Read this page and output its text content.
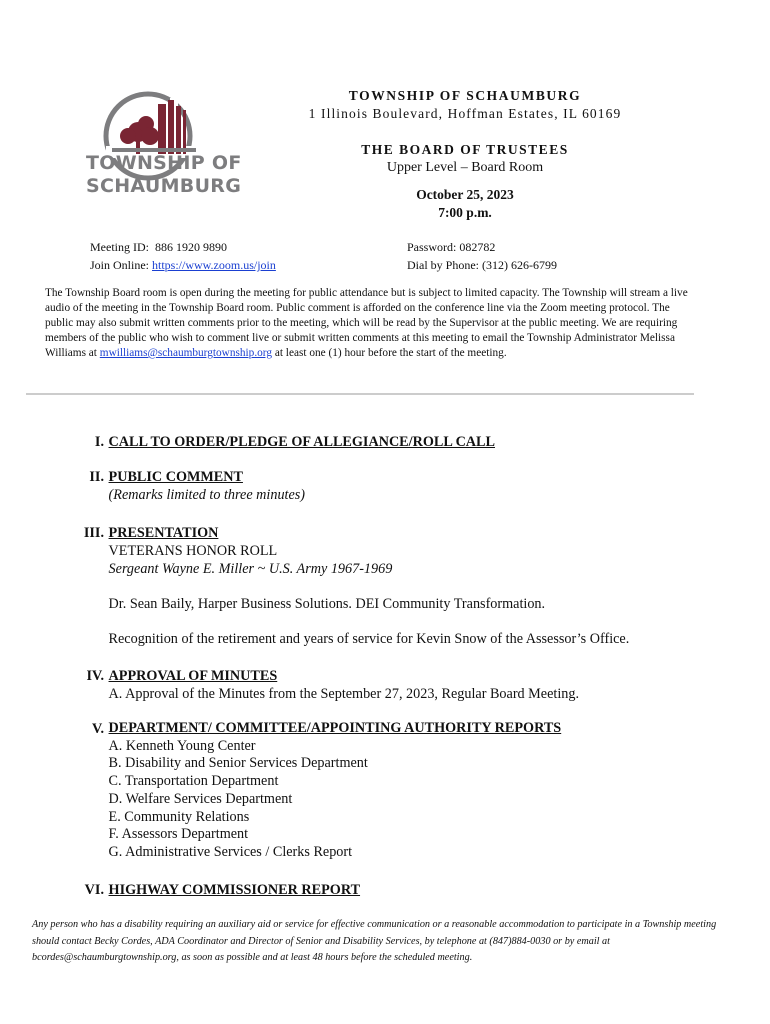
TOWNSHIP OF
SCHAUMBURG
TOWNSHIP OF SCHAUMBURG
1 Illinois Boulevard, Hoffman Estates, IL 60169
THE BOARD OF TRUSTEES
Upper Level – Board Room
October 25, 2023
7:00 p.m.
Meeting ID: 886 1920 9890
Join Online: https://www.zoom.us/join
Password: 082782
Dial by Phone: (312) 626-6799
The Township Board room is open during the meeting for public attendance but is subject to limited capacity. The Township will stream a live audio of the meeting in the Township Board room. Public comment is afforded on the conference line via the Zoom meeting protocol. The public may also submit written comments prior to the meeting, which will be read by the Supervisor at the public meeting. We are requiring members of the public who wish to comment live or submit written comments at this meeting to email the Township Administrator Melissa Williams at mwilliams@schaumburgtownship.org at least one (1) hour before the start of the meeting.
I. CALL TO ORDER/PLEDGE OF ALLEGIANCE/ROLL CALL
II. PUBLIC COMMENT
(Remarks limited to three minutes)
III. PRESENTATION
VETERANS HONOR ROLL
Sergeant Wayne E. Miller ~ U.S. Army 1967-1969
Dr. Sean Baily, Harper Business Solutions. DEI Community Transformation.
Recognition of the retirement and years of service for Kevin Snow of the Assessor’s Office.
IV. APPROVAL OF MINUTES
A. Approval of the Minutes from the September 27, 2023, Regular Board Meeting.
V. DEPARTMENT/ COMMITTEE/APPOINTING AUTHORITY REPORTS
A. Kenneth Young Center
B. Disability and Senior Services Department
C. Transportation Department
D. Welfare Services Department
E. Community Relations
F. Assessors Department
G. Administrative Services / Clerks Report
VI. HIGHWAY COMMISSIONER REPORT
Any person who has a disability requiring an auxiliary aid or service for effective communication or a reasonable accommodation to participate in a Township meeting should contact Becky Cordes, ADA Coordinator and Director of Senior and Disability Services, by telephone at (847)884-0030 or by email at bcordes@schaumburgtownship.org, as soon as possible and at least 48 hours before the scheduled meeting.
